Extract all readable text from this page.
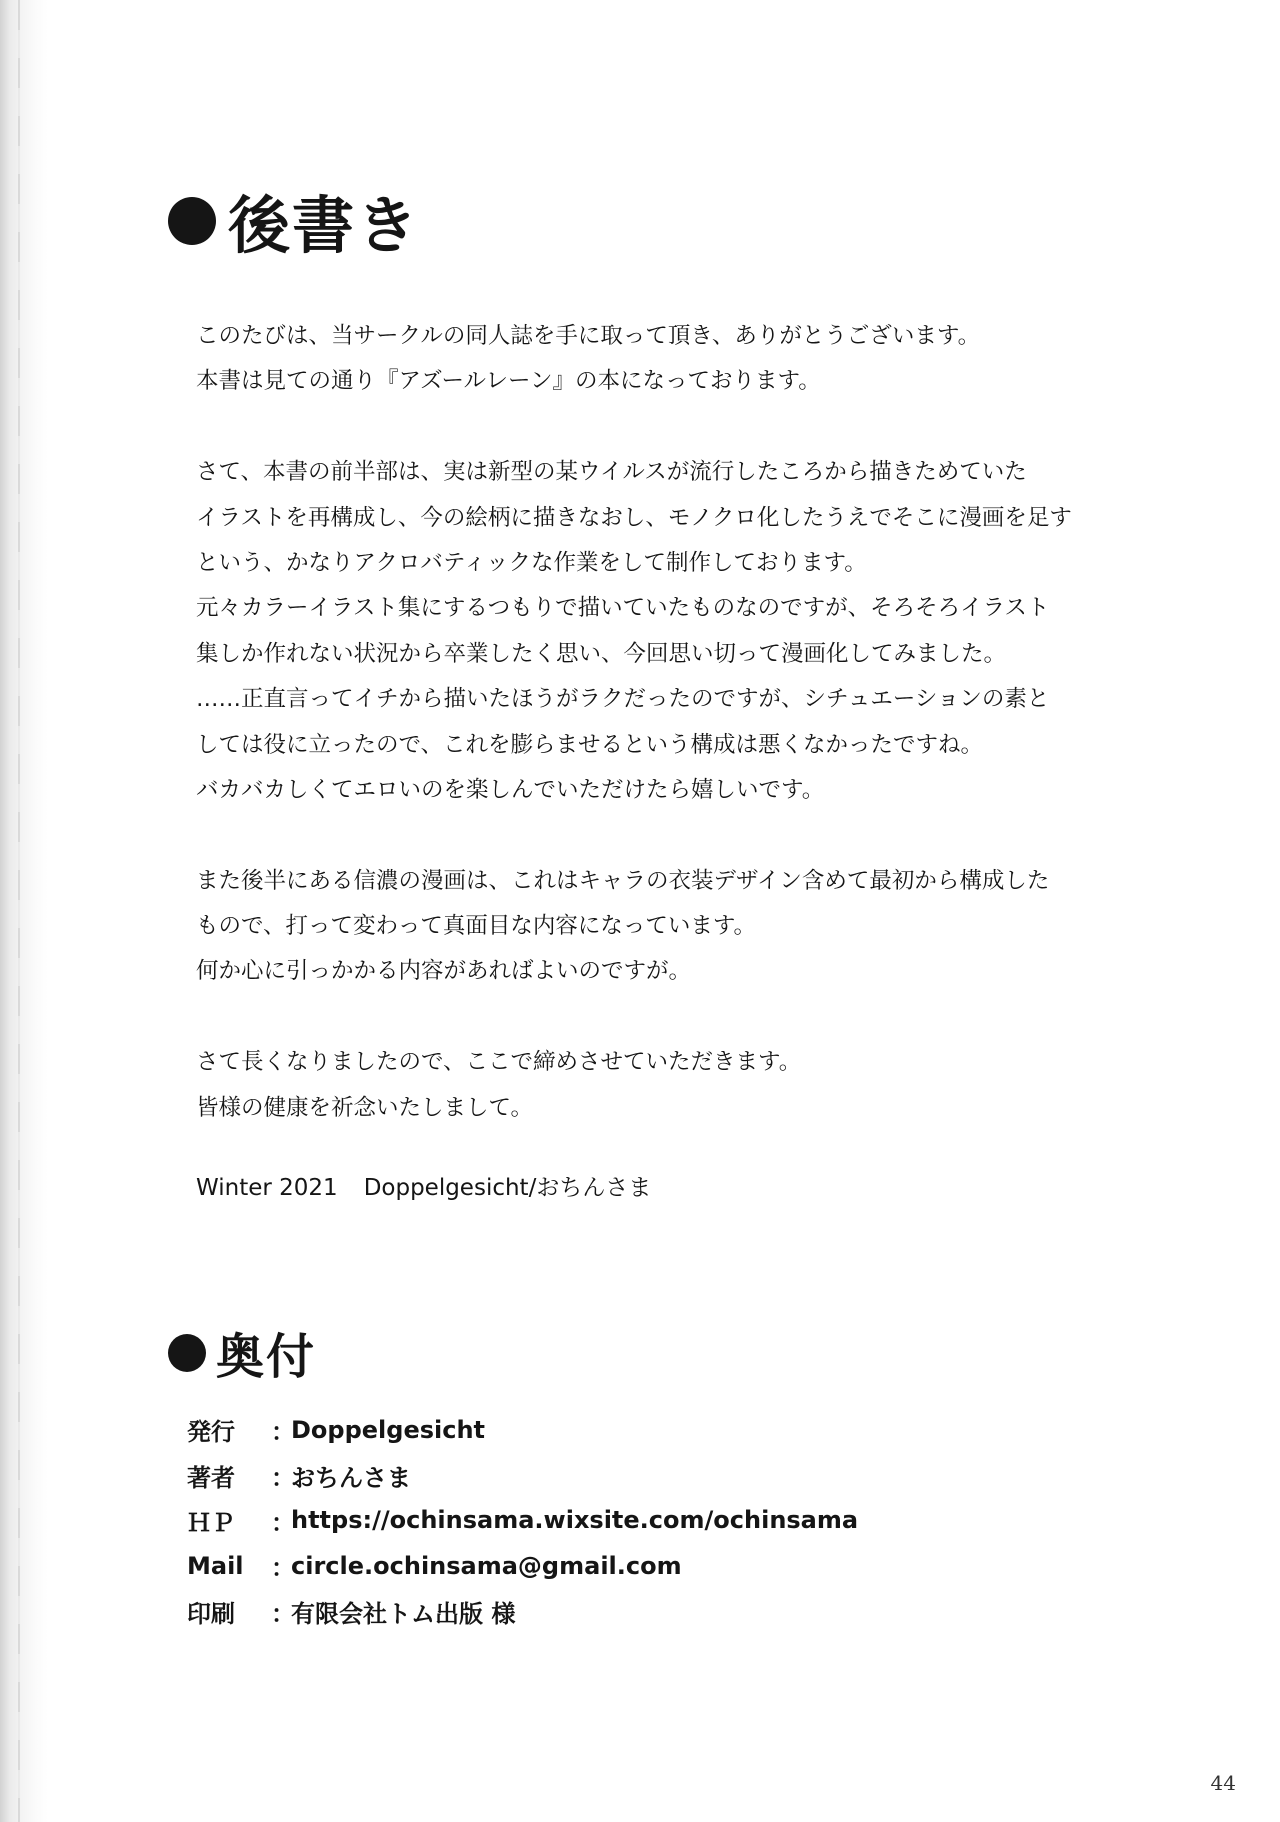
後書き
このたびは、当サークルの同人誌を手に取って頂き、ありがとうございます。
本書は見ての通り『アズールレーン』の本になっております。
さて、本書の前半部は、実は新型の某ウイルスが流行したころから描きためていた
イラストを再構成し、今の絵柄に描きなおし、モノクロ化したうえでそこに漫画を足す
という、かなりアクロバティックな作業をして制作しております。
元々カラーイラスト集にするつもりで描いていたものなのですが、そろそろイラスト
集しか作れない状況から卒業したく思い、今回思い切って漫画化してみました。
……正直言ってイチから描いたほうがラクだったのですが、シチュエーションの素と
しては役に立ったので、これを膨らませるという構成は悪くなかったですね。
バカバカしくてエロいのを楽しんでいただけたら嬉しいです。
また後半にある信濃の漫画は、これはキャラの衣装デザイン含めて最初から構成した
もので、打って変わって真面目な内容になっています。
何か心に引っかかる内容があればよいのですが。
さて長くなりましたので、ここで締めさせていただきます。
皆様の健康を祈念いたしまして。
Winter 2021 Doppelgesicht/おちんさま
奥付
発行	：
Doppelgesicht
著者	：
おちんさま
ＨＰ	：
https://ochinsama.wixsite.com/ochinsama
Mail	：
circle.ochinsama@gmail.com
印刷	：
有限会社トム出版 様
44
